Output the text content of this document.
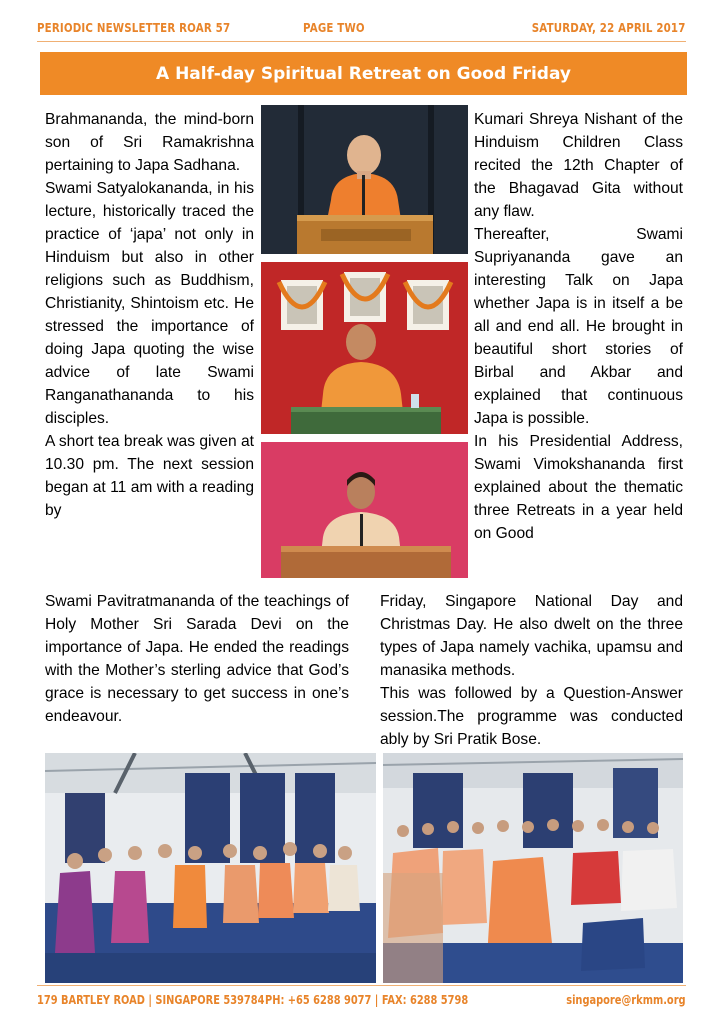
PERIODIC NEWSLETTER ROAR 57	PAGE TWO	SATURDAY, 22 APRIL 2017
A Half-day Spiritual Retreat on Good Friday

Brahmananda, the mind-born son of Sri Ramakrishna pertaining to Japa Sadhana.

Swami Satyalokananda, in his lecture, historically traced the practice of ‘japa’ not only in Hinduism but also in other religions such as Buddhism, Christianity, Shintoism etc. He stressed the importance of doing Japa quoting the wise advice of late Swami Ranganathananda to his disciples.

A short tea break was given at 10.30 pm. The next session began at 11 am with a reading by

Swami Pavitratmananda of the teachings of Holy Mother Sri Sarada Devi on the importance of Japa. He ended the readings with the Mother’s sterling advice that God’s grace is necessary to get success in one’s endeavour.

Kumari Shreya Nishant of the Hinduism Children Class recited the 12th Chapter of the Bhagavad Gita without any flaw.

Thereafter, Swami Supriyananda gave an interesting Talk on Japa whether Japa is in itself a be all and end all. He brought in beautiful short stories of Birbal and Akbar and explained that continuous Japa is possible.

In his Presidential Address, Swami Vimokshananda first explained about the thematic three Retreats in a year held on Good

Friday, Singapore National Day and Christmas Day. He also dwelt on the three types of Japa namely vachika, upamsu and manasika methods.

This was followed by a Question-Answer session.The programme was conducted ably by Sri Pratik Bose.

179 BARTLEY ROAD | SINGAPORE 539784 PH: +65 6288 9077 | FAX: 6288 5798	singapore@rkmm.org
